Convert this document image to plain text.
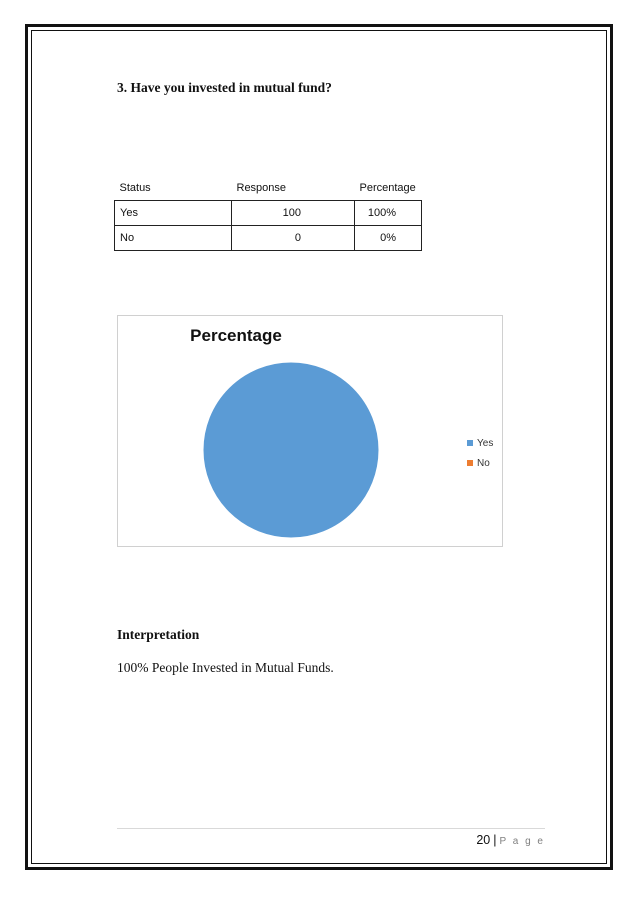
3. Have you invested in mutual fund?
Status	Response	Percentage
Yes	100	100%
No	0	0%
Percentage
Yes
No
Interpretation
100% People Invested in Mutual Funds.
20 | P a g e
